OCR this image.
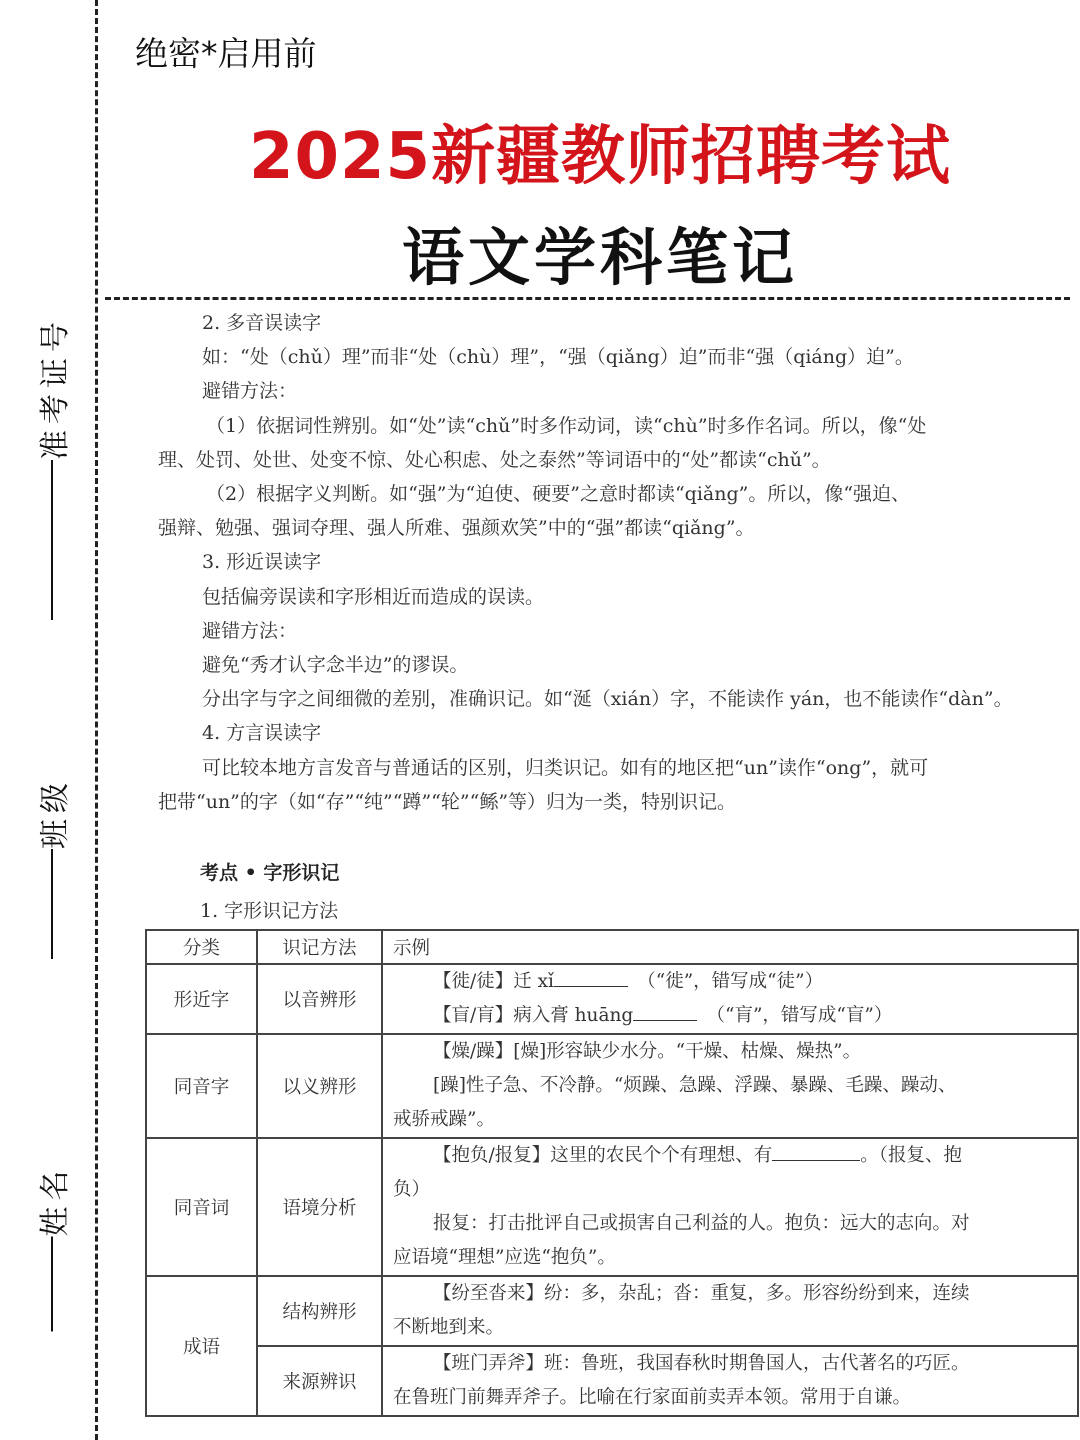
准考证号
班级
姓名
绝密*启用前
2025新疆教师招聘考试
语文学科笔记
2. 多音误读字
如：“处（chǔ）理”而非“处（chù）理”，“强（qiǎng）迫”而非“强（qiáng）迫”。
避错方法：
（1）依据词性辨别。如“处”读“chǔ”时多作动词，读“chù”时多作名词。所以，像“处
理、处罚、处世、处变不惊、处心积虑、处之泰然”等词语中的“处”都读“chǔ”。
（2）根据字义判断。如“强”为“迫使、硬要”之意时都读“qiǎng”。所以，像“强迫、
强辩、勉强、强词夺理、强人所难、强颜欢笑”中的“强”都读“qiǎng”。
3. 形近误读字
包括偏旁误读和字形相近而造成的误读。
避错方法：
避免“秀才认字念半边”的谬误。
分出字与字之间细微的差别，准确识记。如“涎（xián）字，不能读作 yán，也不能读作“dàn”。
4. 方言误读字
可比较本地方言发音与普通话的区别，归类识记。如有的地区把“un”读作“ong”，就可
把带“un”的字（如“存”“纯”“蹲”“轮”“鲧”等）归为一类，特别识记。
考点 • 字形识记
1. 字形识记方法
分类	识记方法	示例
形近字	以音辨形	【徙/徒】迁 xǐ　 （“徙”，错写成“徒”）
【盲/肓】病入膏 huāng　 （“肓”，错写成“盲”）

同音字	以义辨形	【燥/躁】[燥]形容缺少水分。“干燥、枯燥、燥热”。
[躁]性子急、不冷静。“烦躁、急躁、浮躁、暴躁、毛躁、躁动、
戒骄戒躁”。

同音词	语境分析	【抱负/报复】这里的农民个个有理想、有 。（报复、抱
负）
报复：打击批评自己或损害自己利益的人。抱负：远大的志向。对
应语境“理想”应选“抱负”。

成语	结构辨形	【纷至沓来】纷：多，杂乱；沓：重复，多。形容纷纷到来，连续
不断地到来。

	来源辨识	【班门弄斧】班：鲁班，我国春秋时期鲁国人，古代著名的巧匠。
在鲁班门前舞弄斧子。比喻在行家面前卖弄本领。常用于自谦。
